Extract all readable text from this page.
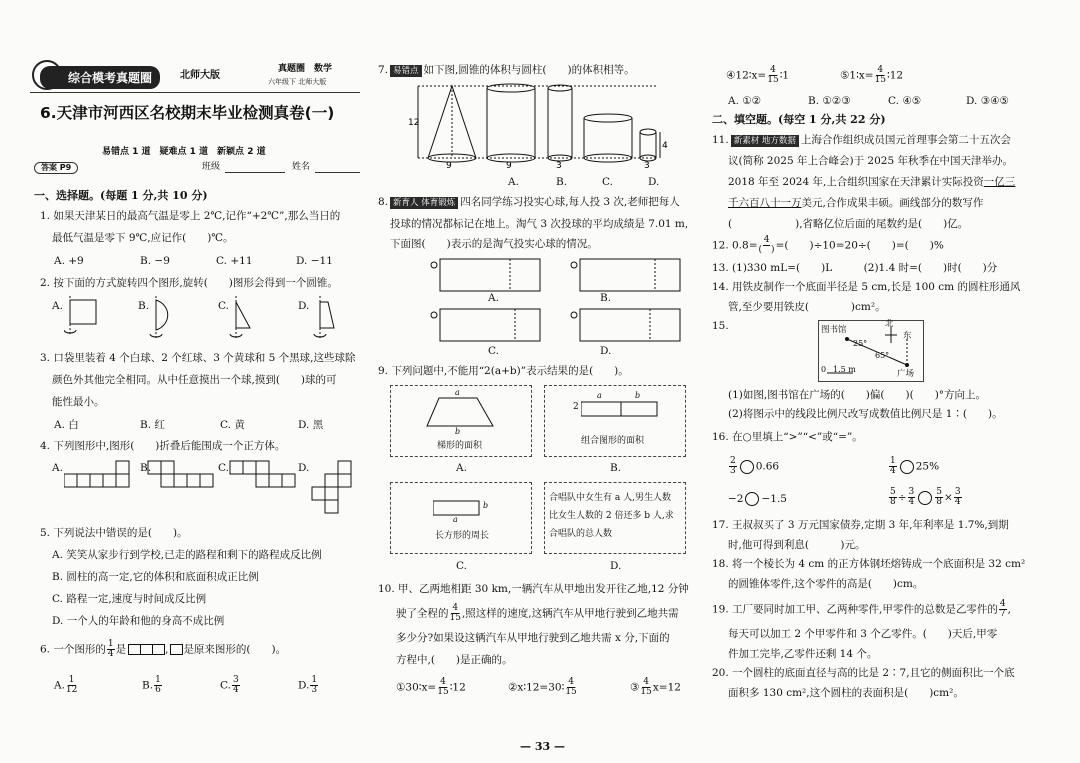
综合模考真题圈	北师大版
真题圈　数学
六年级下 北师大版
6.天津市河西区名校期末毕业检测真卷(一)
易错点 1 道　疑难点 1 道　新颖点 2 道
答案 P9	班级	姓名
一、选择题。(每题 1 分,共 10 分)
1. 如果天津某日的最高气温是零上 2℃,记作“+2℃”,那么当日的
最低气温是零下 9℃,应记作(　　)℃。
A. +9	B. −9	C. +11	D. −11
2. 按下面的方式旋转四个图形,旋转(　　)图形会得到一个圆锥。
A.	B.	C.	D.
3. 口袋里装着 4 个白球、2 个红球、3 个黄球和 5 个黑球,这些球除
颜色外其他完全相同。从中任意摸出一个球,摸到(　　)球的可
能性最小。
A. 白	B. 红	C. 黄	D. 黑
4. 下列图形中,图形(　　)折叠后能围成一个正方体。
A.	B.	C.	D.
5. 下列说法中错误的是(　　)。
A. 笑笑从家步行到学校,已走的路程和剩下的路程成反比例
B. 圆柱的高一定,它的体积和底面积成正比例
C. 路程一定,速度与时间成反比例
D. 一个人的年龄和他的身高不成比例
6. 一个图形的 $\frac{1}{4}$ 是	, 是原来图形的(　　)。
A. $\frac{1}{12}$	B. $\frac{1}{6}$	C. $\frac{3}{4}$	D. $\frac{1}{3}$
7. 易错点 如下图,圆锥的体积与圆柱(　　)的体积相等。
12
9	9	3	3
4
A.	B.	C.	D.
8. 新育人 体育锻炼 四名同学练习投实心球,每人投 3 次,老师把每人
投球的情况都标记在地上。淘气 3 次投球的平均成绩是 7.01 m,
下面图(　　)表示的是淘气投实心球的情况。
A.	B.
C.	D.
9. 下列问题中,不能用“2(a+b)”表示结果的是(　　)。
a
b
梯形的面积
2
a	b
组合图形的面积
A.	B.
a
b
长方形的周长
合唱队中女生有 a 人,男生人数
比女生人数的 2 倍还多 b 人,求
合唱队的总人数
C.	D.
10. 甲、乙两地相距 30 km,一辆汽车从甲地出发开往乙地,12 分钟
驶了全程的 $\frac{4}{15}$ ,照这样的速度,这辆汽车从甲地行驶到乙地共需
多少分?如果设这辆汽车从甲地行驶到乙地共需 x 分,下面的
方程中,(　　)是正确的。
①30∶x= $\frac{4}{15}$ ∶12	②x∶12=30∶ $\frac{4}{15}$	③ $\frac{4}{15} x=12$
— 33 —
④12∶x= $\frac{4}{15}$ ∶1	⑤1∶x= $\frac{4}{15}$ ∶12
A. ①②	B. ①②③	C. ④⑤	D. ③④⑤
二、填空题。(每空 1 分,共 22 分)
11. 新素材 地方数据 上海合作组织成员国元首理事会第二十五次会
议(简称 2025 年上合峰会)于 2025 年秋季在中国天津举办。
2018 年至 2024 年,上合组织国家在天津累计实际投资一亿三
千六百八十一万美元,合作成果丰硕。画线部分的数写作
(　　　　　　),省略亿位后面的尾数约是(　　)亿。
12. $0.8= \frac{4}{( )}$ =(　　)÷10=20÷(　　)=(　　)%
13. (1)330 mL=(　　)L　　　(2)1.4 时=(　　)时(　　)分
14. 用铁皮制作一个底面半径是 5 cm,长是 100 cm 的圆柱形通风
管,至少要用铁皮(　　　　)cm²。
15.	图书馆
北
东
25°
65°
0 1.5 m	广场
(1)如图,图书馆在广场的(　　)偏(　　)(　　)°方向上。
(2)将图示中的线段比例尺改写成数值比例尺是 1∶(　　)。
16. 在○里填上“>”“<”或“=”。
$\frac{2}{3} 0.66$	$\frac{1}{4} 25\%$
−2 −1.5	$\frac{5}{8} \div \frac{3}{4} \frac{5}{8} \times \frac{3}{4}$
17. 王叔叔买了 3 万元国家债券,定期 3 年,年利率是 1.7%,到期
时,他可得到利息(　　　)元。
18. 将一个棱长为 4 cm 的正方体钢坯熔铸成一个底面积是 32 cm²
的圆锥体零件,这个零件的高是(　　)cm。
19. 工厂要同时加工甲、乙两种零件,甲零件的总数是乙零件的 $\frac{4}{7}$ ,
每天可以加工 2 个甲零件和 3 个乙零件。(　　)天后,甲零
件加工完毕,乙零件还剩 14 个。
20. 一个圆柱的底面直径与高的比是 2∶7,且它的侧面积比一个底
面积多 130 cm²,这个圆柱的表面积是(　　)cm²。
